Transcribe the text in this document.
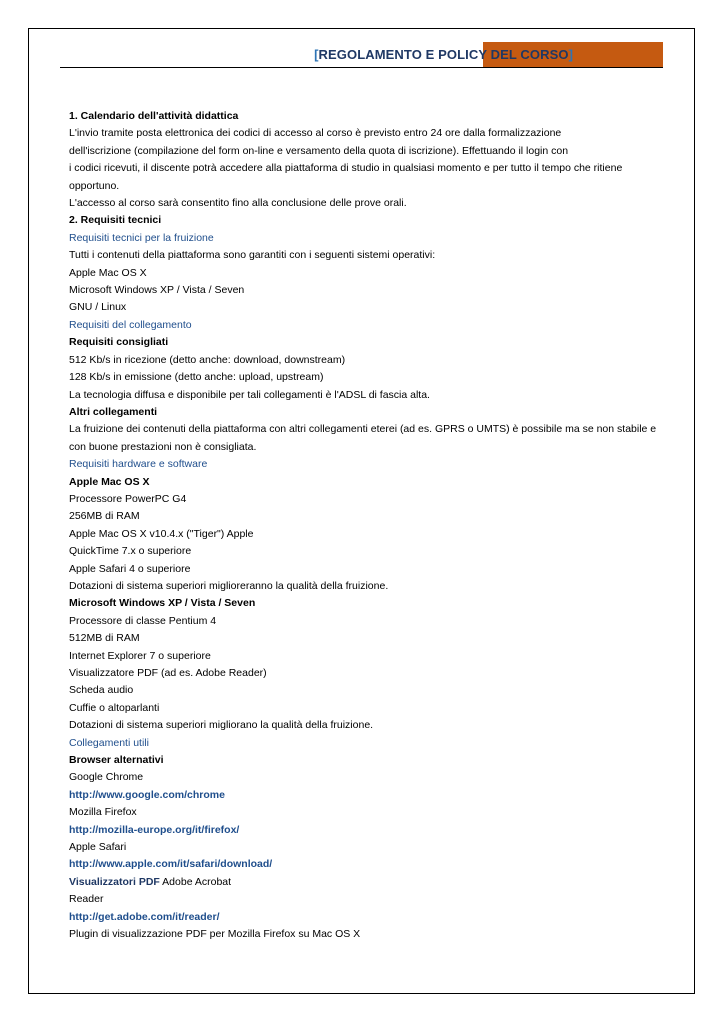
[REGOLAMENTO E POLICY DEL CORSO]
1. Calendario dell'attività didattica
L'invio tramite posta elettronica dei codici di accesso al corso è previsto entro 24 ore dalla formalizzazione
dell'iscrizione (compilazione del form on-line e versamento della quota di iscrizione). Effettuando il login con
i codici ricevuti, il discente potrà accedere alla piattaforma di studio in qualsiasi momento e per tutto il tempo che ritiene
opportuno.
L'accesso al corso sarà consentito fino alla conclusione delle prove orali.
2. Requisiti tecnici
Requisiti tecnici per la fruizione
Tutti i contenuti della piattaforma sono garantiti con i seguenti sistemi operativi:
Apple Mac OS X
Microsoft Windows XP / Vista / Seven
GNU / Linux
Requisiti del collegamento
Requisiti consigliati
512 Kb/s in ricezione (detto anche: download, downstream)
128 Kb/s in emissione (detto anche: upload, upstream)
La tecnologia diffusa e disponibile per tali collegamenti è l'ADSL di fascia alta.
Altri collegamenti
La fruizione dei contenuti della piattaforma con altri collegamenti eterei (ad es. GPRS o UMTS) è possibile ma se non stabile e
con buone prestazioni non è consigliata.
Requisiti hardware e software
Apple Mac OS X
Processore PowerPC G4
256MB di RAM
Apple Mac OS X v10.4.x ("Tiger") Apple
QuickTime 7.x o superiore
Apple Safari 4 o superiore
Dotazioni di sistema superiori miglioreranno la qualità della fruizione.
Microsoft Windows XP / Vista / Seven
Processore di classe Pentium 4
512MB di RAM
Internet Explorer 7 o superiore
Visualizzatore PDF (ad es. Adobe Reader)
Scheda audio
Cuffie o altoparlanti
Dotazioni di sistema superiori migliorano la qualità della fruizione.
Collegamenti utili
Browser alternativi
Google Chrome
http://www.google.com/chrome
Mozilla Firefox
http://mozilla-europe.org/it/firefox/
Apple Safari
http://www.apple.com/it/safari/download/
Visualizzatori PDF Adobe Acrobat
Reader
http://get.adobe.com/it/reader/
Plugin di visualizzazione PDF per Mozilla Firefox su Mac OS X
